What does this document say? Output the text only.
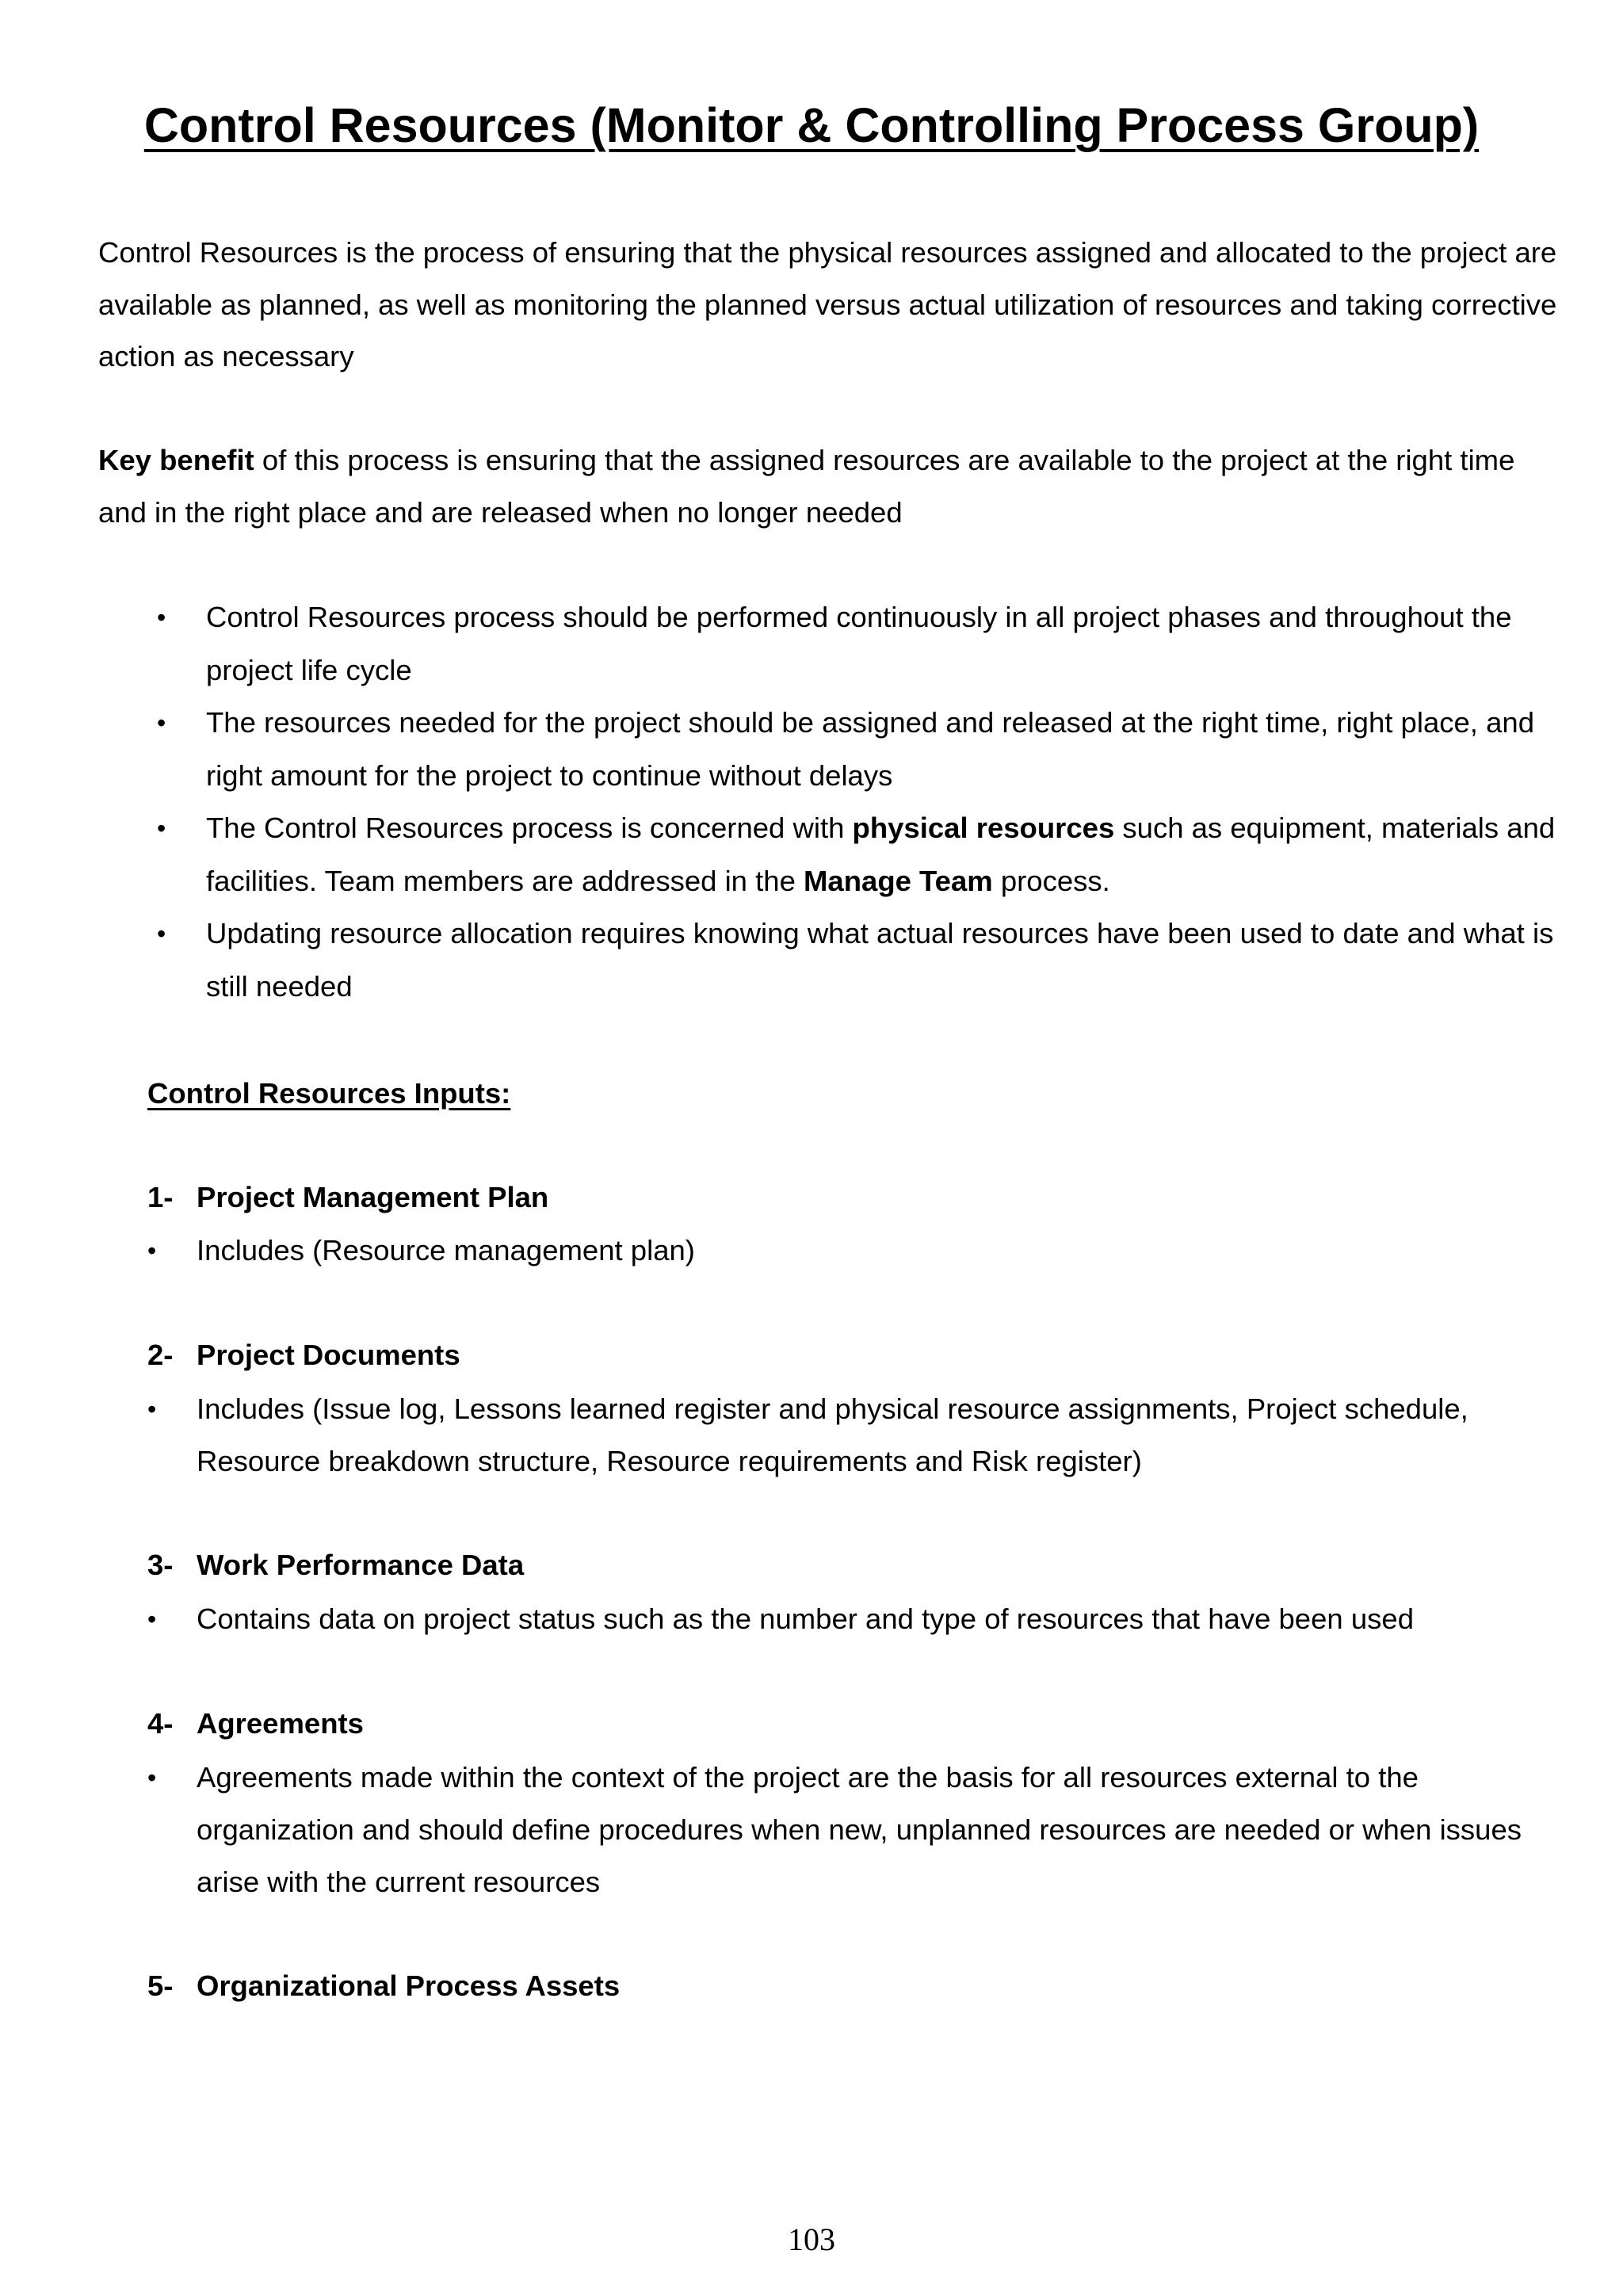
Control Resources (Monitor & Controlling Process Group)

Control Resources is the process of ensuring that the physical resources assigned and allocated to the project are available as planned, as well as monitoring the planned versus actual utilization of resources and taking corrective action as necessary

Key benefit of this process is ensuring that the assigned resources are available to the project at the right time and in the right place and are released when no longer needed

• Control Resources process should be performed continuously in all project phases and throughout the project life cycle
• The resources needed for the project should be assigned and released at the right time, right place, and right amount for the project to continue without delays
• The Control Resources process is concerned with physical resources such as equipment, materials and facilities. Team members are addressed in the Manage Team process.
• Updating resource allocation requires knowing what actual resources have been used to date and what is still needed
Control Resources Inputs:

1- Project Management Plan

• Includes (Resource management plan)

2- Project Documents

• Includes (Issue log, Lessons learned register and physical resource assignments, Project schedule, Resource breakdown structure, Resource requirements and Risk register)

3- Work Performance Data

• Contains data on project status such as the number and type of resources that have been used

4- Agreements

• Agreements made within the context of the project are the basis for all resources external to the organization and should define procedures when new, unplanned resources are needed or when issues arise with the current resources

5- Organizational Process Assets

103
